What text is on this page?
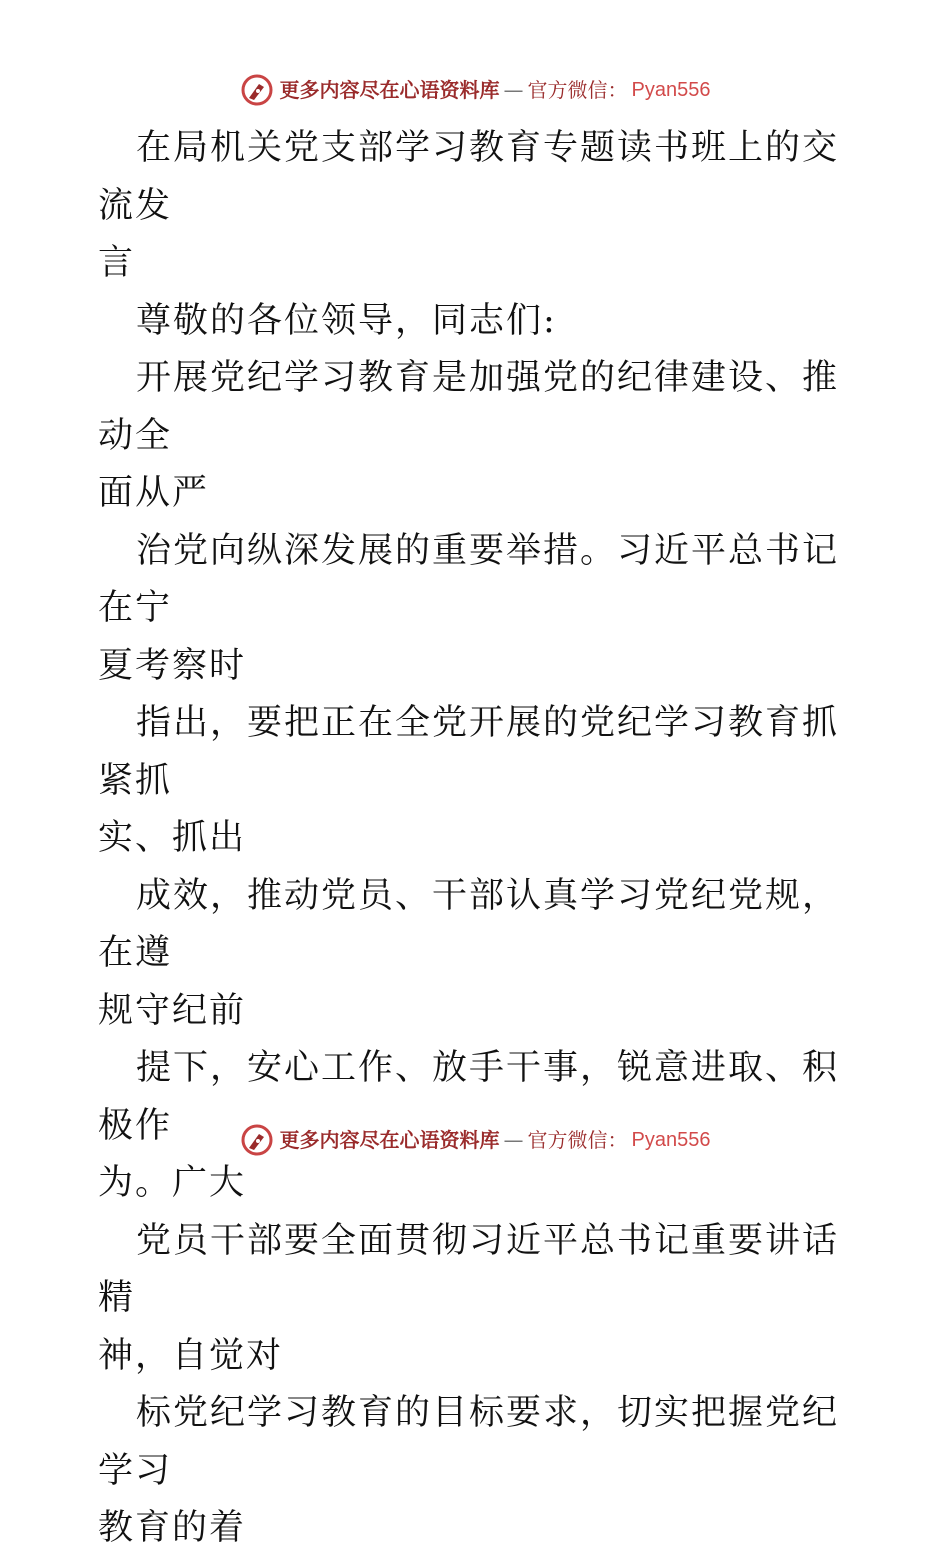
更多内容尽在心语资料库 — 官方微信： Pyan556

在局机关党支部学习教育专题读书班上的交流发

言

尊敬的各位领导，同志们:

开展党纪学习教育是加强党的纪律建设、推动全

面从严

治党向纵深发展的重要举措。习近平总书记在宁

夏考察时

指出，要把正在全党开展的党纪学习教育抓紧抓

实、抓出

成效，推动党员、干部认真学习党纪党规，在遵

规守纪前

提下，安心工作、放手干事，锐意进取、积极作

为。广大

党员干部要全面贯彻习近平总书记重要讲话精

神，自觉对

标党纪学习教育的目标要求，切实把握党纪学习

教育的着

更多内容尽在心语资料库 — 官方微信： Pyan556
